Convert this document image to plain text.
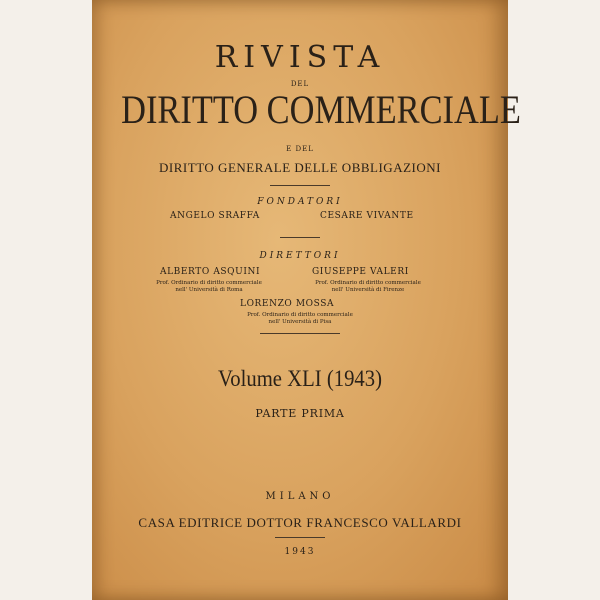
RIVISTA
DEL
DIRITTO COMMERCIALE
E DEL
DIRITTO GENERALE DELLE OBBLIGAZIONI
FONDATORI
ANGELO SRAFFA	CESARE VIVANTE
DIRETTORI
ALBERTO ASQUINI
Prof. Ordinario di diritto commerciale
nell' Università di Roma
GIUSEPPE VALERI
Prof. Ordinario di diritto commerciale
nell' Università di Firenze
LORENZO MOSSA
Prof. Ordinario di diritto commerciale
nell' Università di Pisa
Volume XLI (1943)
PARTE PRIMA
MILANO
CASA EDITRICE DOTTOR FRANCESCO VALLARDI
1943
